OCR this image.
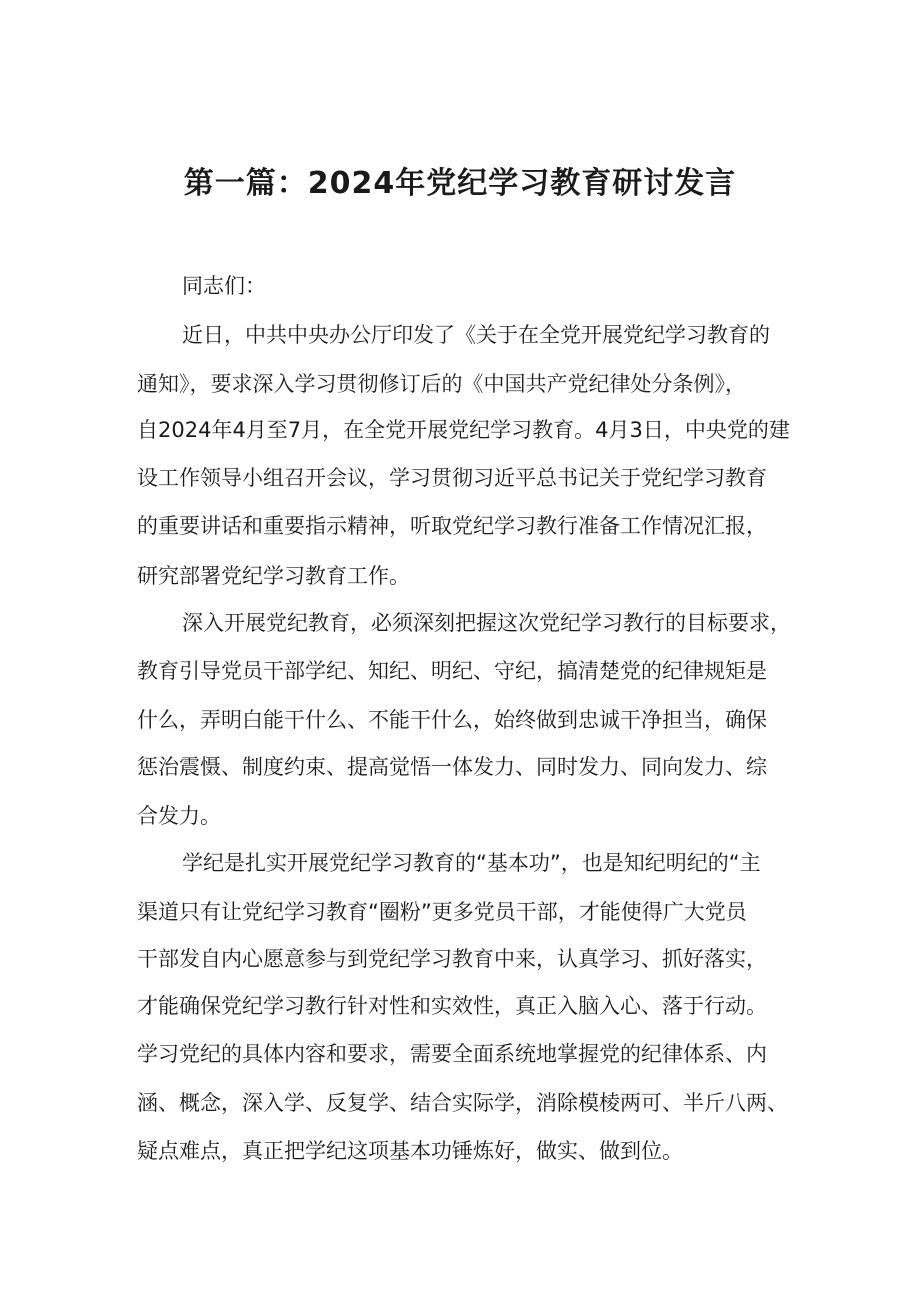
第一篇：2024年党纪学习教育研讨发言

同志们：

近日，中共中央办公厅印发了《关于在全党开展党纪学习教育的

通知》，要求深入学习贯彻修订后的《中国共产党纪律处分条例》，

自2024年4月至7月，在全党开展党纪学习教育。4月3日，中央党的建

设工作领导小组召开会议，学习贯彻习近平总书记关于党纪学习教育

的重要讲话和重要指示精神，听取党纪学习教行准备工作情况汇报，

研究部署党纪学习教育工作。

深入开展党纪教育，必须深刻把握这次党纪学习教行的目标要求，

教育引导党员干部学纪、知纪、明纪、守纪，搞清楚党的纪律规矩是

什么，弄明白能干什么、不能干什么，始终做到忠诚干净担当，确保

惩治震慑、制度约束、提高觉悟一体发力、同时发力、同向发力、综

合发力。

学纪是扎实开展党纪学习教育的“基本功”，也是知纪明纪的“主

渠道只有让党纪学习教育“圈粉”更多党员干部，才能使得广大党员

干部发自内心愿意参与到党纪学习教育中来，认真学习、抓好落实，

才能确保党纪学习教行针对性和实效性，真正入脑入心、落于行动。

学习党纪的具体内容和要求，需要全面系统地掌握党的纪律体系、内

涵、概念，深入学、反复学、结合实际学，消除模棱两可、半斤八两、

疑点难点，真正把学纪这项基本功锤炼好，做实、做到位。
